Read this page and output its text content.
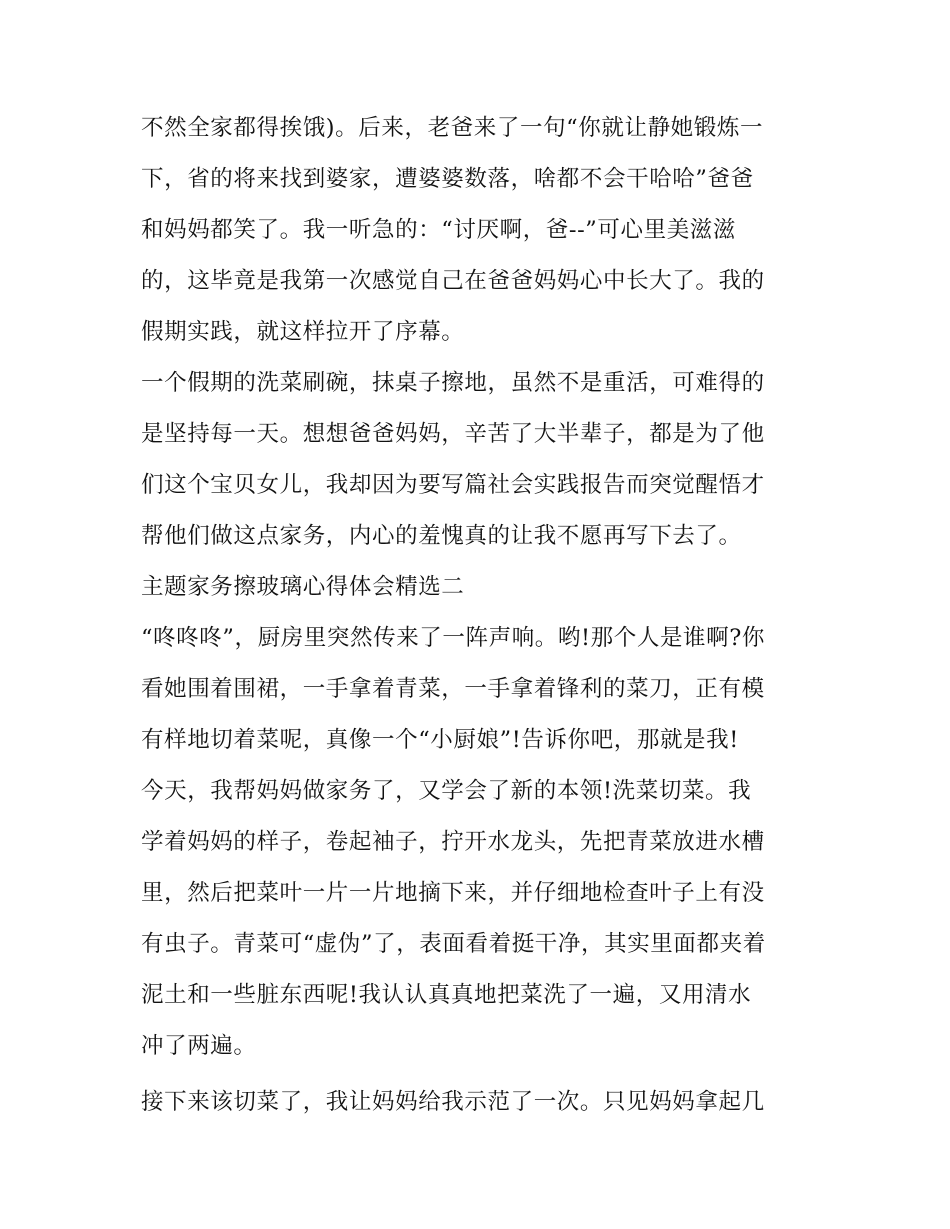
不然全家都得挨饿)。后来，老爸来了一句“你就让静她锻炼一
下，省的将来找到婆家，遭婆婆数落，啥都不会干哈哈”爸爸
和妈妈都笑了。我一听急的：“讨厌啊，爸--”可心里美滋滋
的，这毕竟是我第一次感觉自己在爸爸妈妈心中长大了。我的
假期实践，就这样拉开了序幕。
一个假期的洗菜刷碗，抹桌子擦地，虽然不是重活，可难得的
是坚持每一天。想想爸爸妈妈，辛苦了大半辈子，都是为了他
们这个宝贝女儿，我却因为要写篇社会实践报告而突觉醒悟才
帮他们做这点家务，内心的羞愧真的让我不愿再写下去了。
主题家务擦玻璃心得体会精选二
“咚咚咚”，厨房里突然传来了一阵声响。哟!那个人是谁啊?你
看她围着围裙，一手拿着青菜，一手拿着锋利的菜刀，正有模
有样地切着菜呢，真像一个“小厨娘”!告诉你吧，那就是我!
今天，我帮妈妈做家务了，又学会了新的本领!洗菜切菜。我
学着妈妈的样子，卷起袖子，拧开水龙头，先把青菜放进水槽
里，然后把菜叶一片一片地摘下来，并仔细地检查叶子上有没
有虫子。青菜可“虚伪”了，表面看着挺干净，其实里面都夹着
泥土和一些脏东西呢!我认认真真地把菜洗了一遍，又用清水
冲了两遍。
接下来该切菜了，我让妈妈给我示范了一次。只见妈妈拿起几
